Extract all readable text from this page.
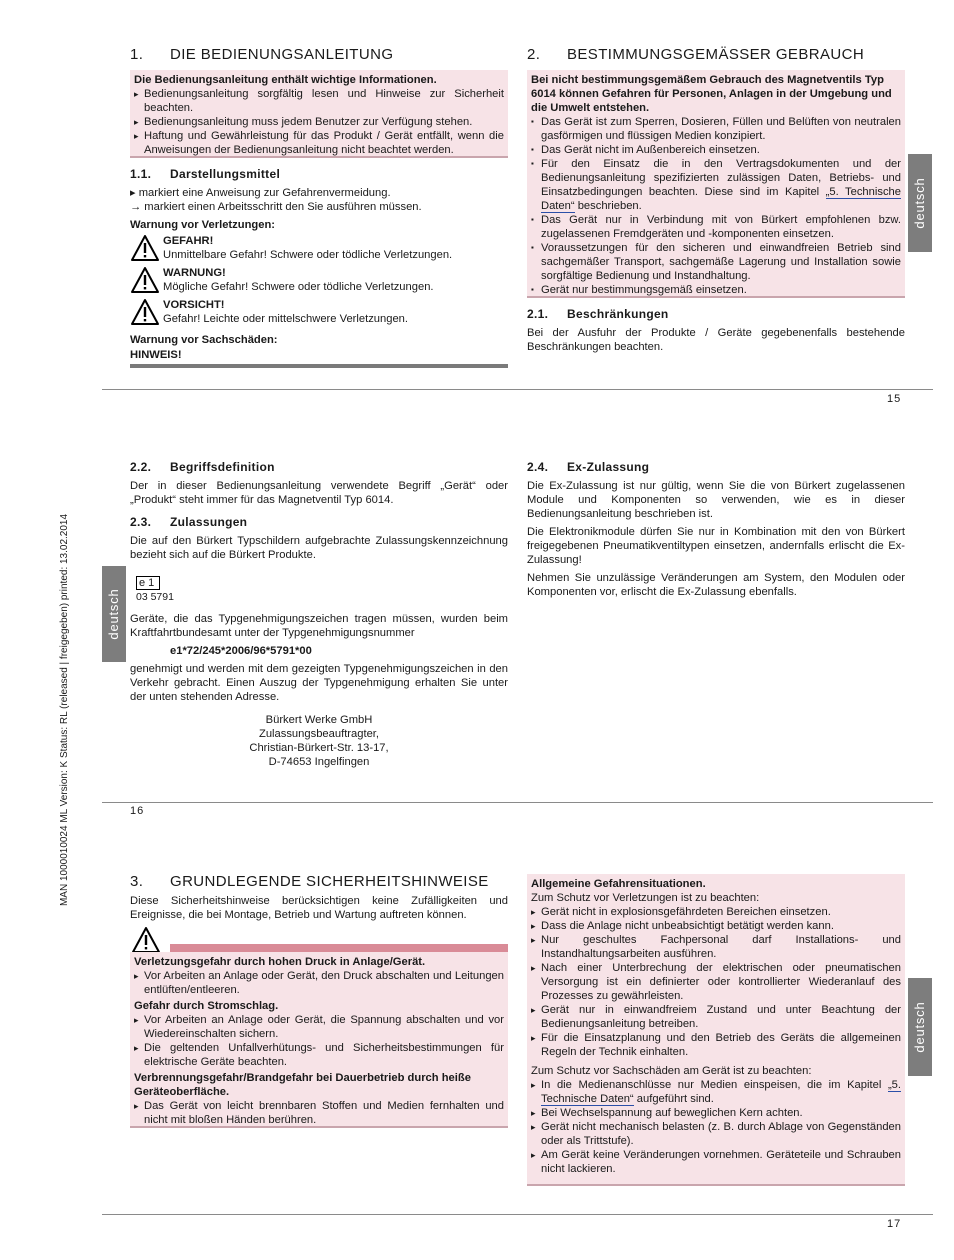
MAN 1000010024 ML Version: K Status: RL (released | freigegeben) printed: 13.02.2014
1. DIE BEDIENUNGSANLEITUNG
Die Bedienungsanleitung enthält wichtige Informationen.
▸ Bedienungsanleitung sorgfältig lesen und Hinweise zur Sicherheit beachten.
▸ Bedienungsanleitung muss jedem Benutzer zur Verfügung stehen.
▸ Haftung und Gewährleistung für das Produkt / Gerät entfällt, wenn die Anweisungen der Bedienungsanleitung nicht beachtet werden.
1.1. Darstellungsmittel
▸ markiert eine Anweisung zur Gefahrenvermeidung.
→ markiert einen Arbeitsschritt den Sie ausführen müssen.
Warnung vor Verletzungen:
GEFAHR!
Unmittelbare Gefahr! Schwere oder tödliche Verletzungen.
WARNUNG!
Mögliche Gefahr! Schwere oder tödliche Verletzungen.
VORSICHT!
Gefahr! Leichte oder mittelschwere Verletzungen.
Warnung vor Sachschäden:
HINWEIS!
2. BESTIMMUNGSGEMÄSSER GEBRAUCH
Bei nicht bestimmungsgemäßem Gebrauch des Magnetventils Typ 6014 können Gefahren für Personen, Anlagen in der Umgebung und die Umwelt entstehen.
▪ Das Gerät ist zum Sperren, Dosieren, Füllen und Belüften von neutralen gasförmigen und flüssigen Medien konzipiert.
▪ Das Gerät nicht im Außenbereich einsetzen.
▪ Für den Einsatz die in den Vertragsdokumenten und der Bedienungsanleitung spezifizierten zulässigen Daten, Betriebs- und Einsatzbedingungen beachten. Diese sind im Kapitel „5. Technische Daten“ beschrieben.
▪ Das Gerät nur in Verbindung mit von Bürkert empfohlenen bzw. zugelassenen Fremdgeräten und -komponenten einsetzen.
▪ Voraussetzungen für den sicheren und einwandfreien Betrieb sind sachgemäßer Transport, sachgemäße Lagerung und Installation sowie sorgfältige Bedienung und Instandhaltung.
▪ Gerät nur bestimmungsgemäß einsetzen.
2.1. Beschränkungen
Bei der Ausfuhr der Produkte / Geräte gegebenenfalls bestehende Beschränkungen beachten.
deutsch
15
deutsch
2.2. Begriffsdefinition
Der in dieser Bedienungsanleitung verwendete Begriff „Gerät“ oder „Produkt“ steht immer für das Magnetventil Typ 6014.
2.3. Zulassungen
Die auf den Bürkert Typschildern aufgebrachte Zulassungskennzeichnung bezieht sich auf die Bürkert Produkte.
e 1
03 5791
Geräte, die das Typgenehmigungszeichen tragen müssen, wurden beim Kraftfahrtbundesamt unter der Typgenehmigungsnummer
e1*72/245*2006/96*5791*00
genehmigt und werden mit dem gezeigten Typgenehmigungszeichen in den Verkehr gebracht. Einen Auszug der Typgenehmigung erhalten Sie unter der unten stehenden Adresse.
Bürkert Werke GmbH
Zulassungsbeauftragter,
Christian-Bürkert-Str. 13-17,
D-74653 Ingelfingen
2.4. Ex-Zulassung

Die Ex-Zulassung ist nur gültig, wenn Sie die von Bürkert zugelassenen Module und Komponenten so verwenden, wie es in dieser Bedienungsanleitung beschrieben ist.

Die Elektronikmodule dürfen Sie nur in Kombination mit den von Bürkert freigegebenen Pneumatikventiltypen einsetzen, andernfalls erlischt die Ex-Zulassung!

Nehmen Sie unzulässige Veränderungen am System, den Modulen oder Komponenten vor, erlischt die Ex-Zulassung ebenfalls.

16
3. GRUNDLEGENDE SICHERHEITSHINWEISE
Diese Sicherheitshinweise berücksichtigen keine Zufälligkeiten und Ereignisse, die bei Montage, Betrieb und Wartung auftreten können.
Verletzungsgefahr durch hohen Druck in Anlage/Gerät.
▸ Vor Arbeiten an Anlage oder Gerät, den Druck abschalten und Leitungen entlüften/entleeren.
Gefahr durch Stromschlag.
▸ Vor Arbeiten an Anlage oder Gerät, die Spannung abschalten und vor Wiedereinschalten sichern.
▸ Die geltenden Unfallverhütungs- und Sicherheitsbestimmungen für elektrische Geräte beachten.
Verbrennungsgefahr/Brandgefahr bei Dauerbetrieb durch heiße Geräteoberfläche.
▸ Das Gerät von leicht brennbaren Stoffen und Medien fernhalten und nicht mit bloßen Händen berühren.
Allgemeine Gefahrensituationen.
Zum Schutz vor Verletzungen ist zu beachten:
▸ Gerät nicht in explosionsgefährdeten Bereichen einsetzen.
▸ Dass die Anlage nicht unbeabsichtigt betätigt werden kann.
▸ Nur geschultes Fachpersonal darf Installations- und Instandhaltungsarbeiten ausführen.
▸ Nach einer Unterbrechung der elektrischen oder pneumatischen Versorgung ist ein definierter oder kontrollierter Wiederanlauf des Prozesses zu gewährleisten.
▸ Gerät nur in einwandfreiem Zustand und unter Beachtung der Bedienungsanleitung betreiben.
▸ Für die Einsatzplanung und den Betrieb des Geräts die allgemeinen Regeln der Technik einhalten.
Zum Schutz vor Sachschäden am Gerät ist zu beachten:
▸ In die Medienanschlüsse nur Medien einspeisen, die im Kapitel „5. Technische Daten“ aufgeführt sind.
▸ Bei Wechselspannung auf beweglichen Kern achten.
▸ Gerät nicht mechanisch belasten (z. B. durch Ablage von Gegenständen oder als Trittstufe).
▸ Am Gerät keine Veränderungen vornehmen. Geräteteile und Schrauben nicht lackieren.
deutsch
17
